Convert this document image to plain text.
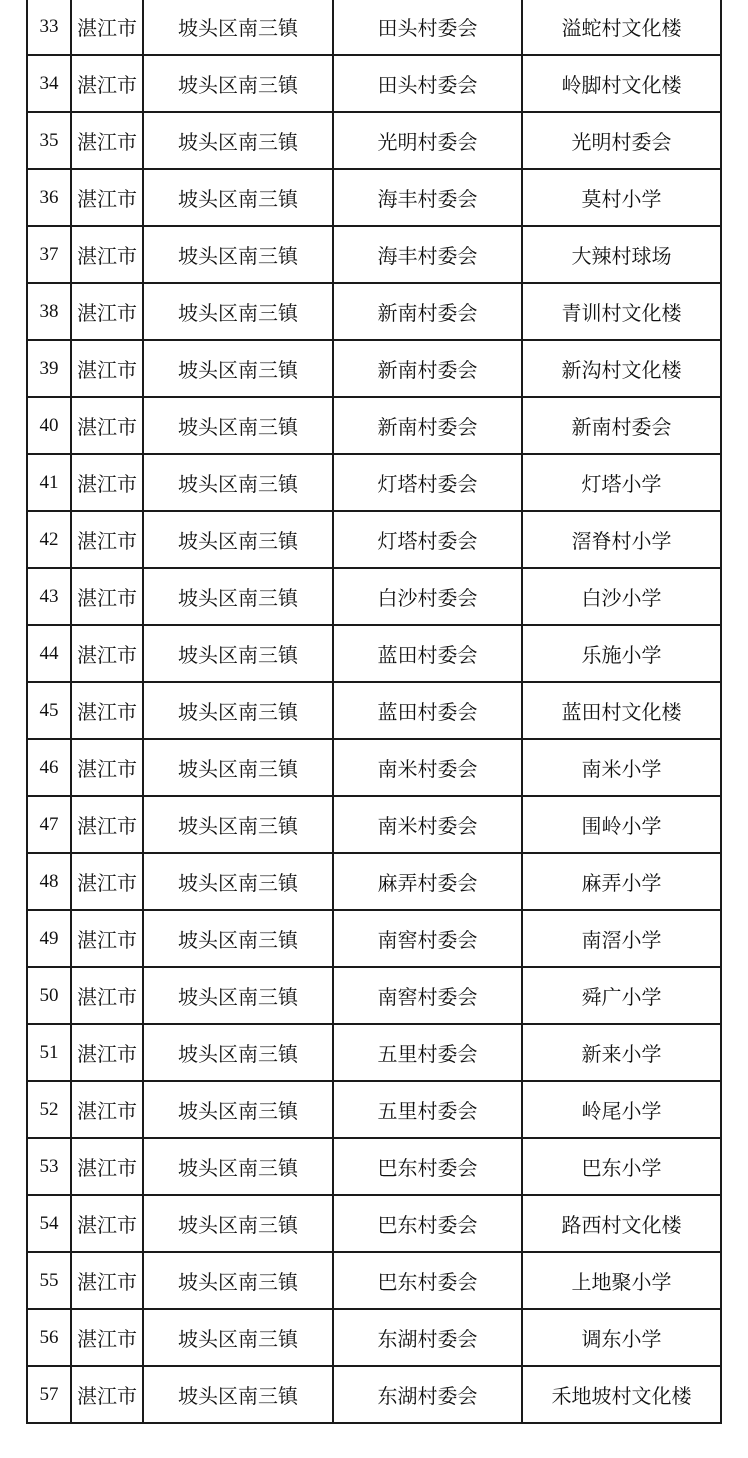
33	湛江市	坡头区南三镇	田头村委会	溢蛇村文化楼
34	湛江市	坡头区南三镇	田头村委会	岭脚村文化楼
35	湛江市	坡头区南三镇	光明村委会	光明村委会
36	湛江市	坡头区南三镇	海丰村委会	莫村小学
37	湛江市	坡头区南三镇	海丰村委会	大辣村球场
38	湛江市	坡头区南三镇	新南村委会	青训村文化楼
39	湛江市	坡头区南三镇	新南村委会	新沟村文化楼
40	湛江市	坡头区南三镇	新南村委会	新南村委会
41	湛江市	坡头区南三镇	灯塔村委会	灯塔小学
42	湛江市	坡头区南三镇	灯塔村委会	滘脊村小学
43	湛江市	坡头区南三镇	白沙村委会	白沙小学
44	湛江市	坡头区南三镇	蓝田村委会	乐施小学
45	湛江市	坡头区南三镇	蓝田村委会	蓝田村文化楼
46	湛江市	坡头区南三镇	南米村委会	南米小学
47	湛江市	坡头区南三镇	南米村委会	围岭小学
48	湛江市	坡头区南三镇	麻弄村委会	麻弄小学
49	湛江市	坡头区南三镇	南窖村委会	南滘小学
50	湛江市	坡头区南三镇	南窖村委会	舜广小学
51	湛江市	坡头区南三镇	五里村委会	新来小学
52	湛江市	坡头区南三镇	五里村委会	岭尾小学
53	湛江市	坡头区南三镇	巴东村委会	巴东小学
54	湛江市	坡头区南三镇	巴东村委会	路西村文化楼
55	湛江市	坡头区南三镇	巴东村委会	上地聚小学
56	湛江市	坡头区南三镇	东湖村委会	调东小学
57	湛江市	坡头区南三镇	东湖村委会	禾地坡村文化楼
